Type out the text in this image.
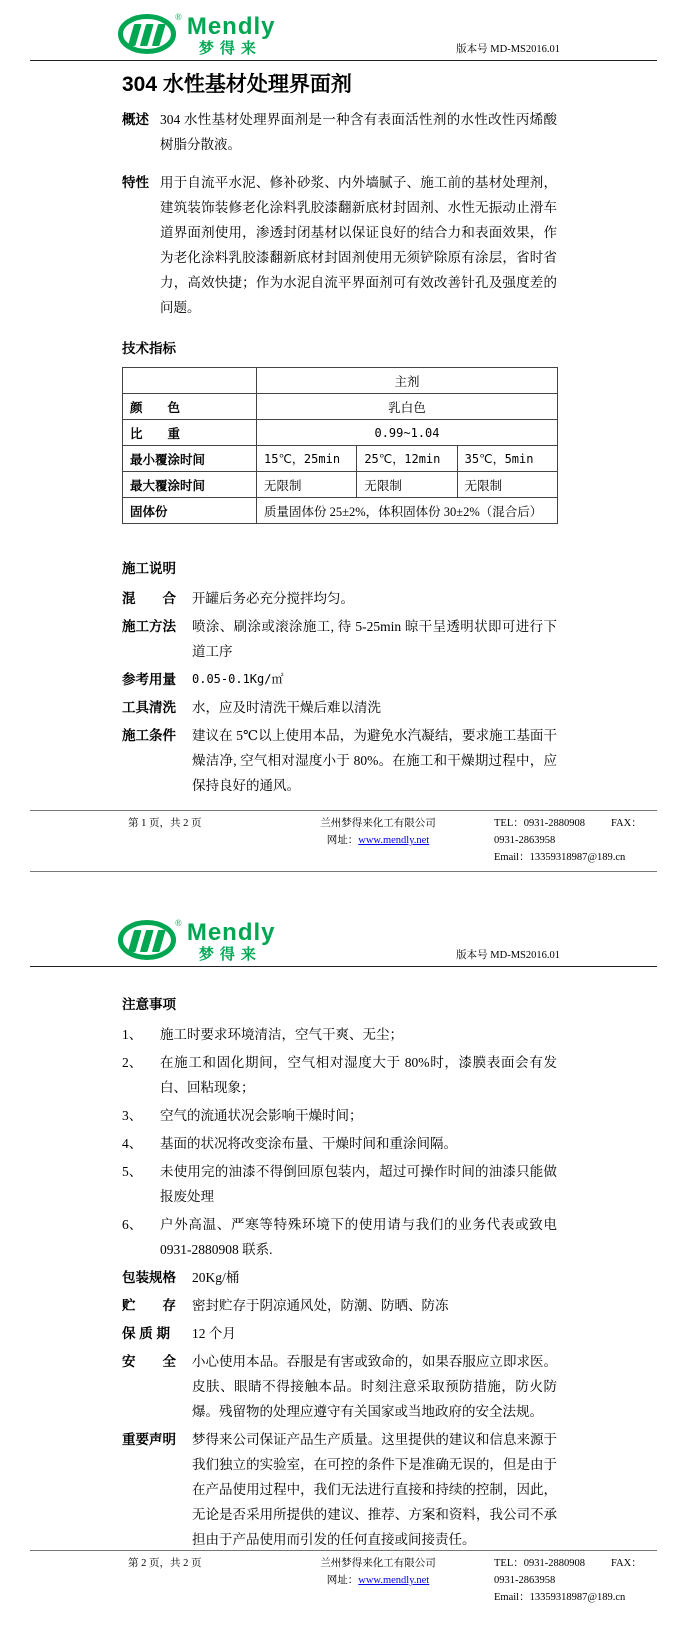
® Mendly
梦得来	版本号 MD-MS2016.01
304 水性基材处理界面剂
概述 304 水性基材处理界面剂是一种含有表面活性剂的水性改性丙烯酸树脂分散液。
特性 用于自流平水泥、修补砂浆、内外墙腻子、施工前的基材处理剂，建筑装饰装修老化涂料乳胶漆翻新底材封固剂、水性无振动止滑车道界面剂使用，渗透封闭基材以保证良好的结合力和表面效果，作为老化涂料乳胶漆翻新底材封固剂使用无须铲除原有涂层，省时省力，高效快捷；作为水泥自流平界面剂可有效改善针孔及强度差的问题。
技术指标
	主剂		
颜　　色	乳白色		
比　　重	0.99~1.04		
最小覆涂时间	15℃，25min	25℃，12min	35℃，5min
最大覆涂时间	无限制	无限制	无限制
固体份	质量固体份 25±2%，体积固体份 30±2%（混合后）		
施工说明
混　　合	开罐后务必充分搅拌均匀。
施工方法	喷涂、刷涂或滚涂施工, 待 5-25min 晾干呈透明状即可进行下道工序
参考用量	0.05-0.1Kg/㎡
工具清洗	水，应及时清洗干燥后难以清洗
施工条件	建议在 5℃以上使用本品，为避免水汽凝结，要求施工基面干燥洁净, 空气相对湿度小于 80%。在施工和干燥期过程中，应保持良好的通风。
第 1 页，共 2 页	兰州梦得来化工有限公司
网址：www.mendly.net
TEL：0931-2880908 FAX：0931-2863958
Email：13359318987@189.cn
® Mendly
梦得来	版本号 MD-MS2016.01
注意事项
1、	施工时要求环境清洁，空气干爽、无尘；
2、	在施工和固化期间，空气相对湿度大于 80%时，漆膜表面会有发白、回粘现象；
3、	空气的流通状况会影响干燥时间；
4、	基面的状况将改变涂布量、干燥时间和重涂间隔。
5、	未使用完的油漆不得倒回原包装内，超过可操作时间的油漆只能做报废处理
6、	户外高温、严寒等特殊环境下的使用请与我们的业务代表或致电 0931-2880908 联系.
包装规格	20Kg/桶
贮　　存	密封贮存于阴凉通风处，防潮、防晒、防冻
保 质 期	12 个月
安　　全	小心使用本品。吞服是有害或致命的，如果吞服应立即求医。皮肤、眼睛不得接触本品。时刻注意采取预防措施，防火防爆。残留物的处理应遵守有关国家或当地政府的安全法规。
重要声明	梦得来公司保证产品生产质量。这里提供的建议和信息来源于我们独立的实验室，在可控的条件下是准确无误的，但是由于在产品使用过程中，我们无法进行直接和持续的控制，因此，无论是否采用所提供的建议、推荐、方案和资料，我公司不承担由于产品使用而引发的任何直接或间接责任。
第 2 页，共 2 页	兰州梦得来化工有限公司
网址：www.mendly.net
TEL：0931-2880908 FAX：0931-2863958
Email：13359318987@189.cn
